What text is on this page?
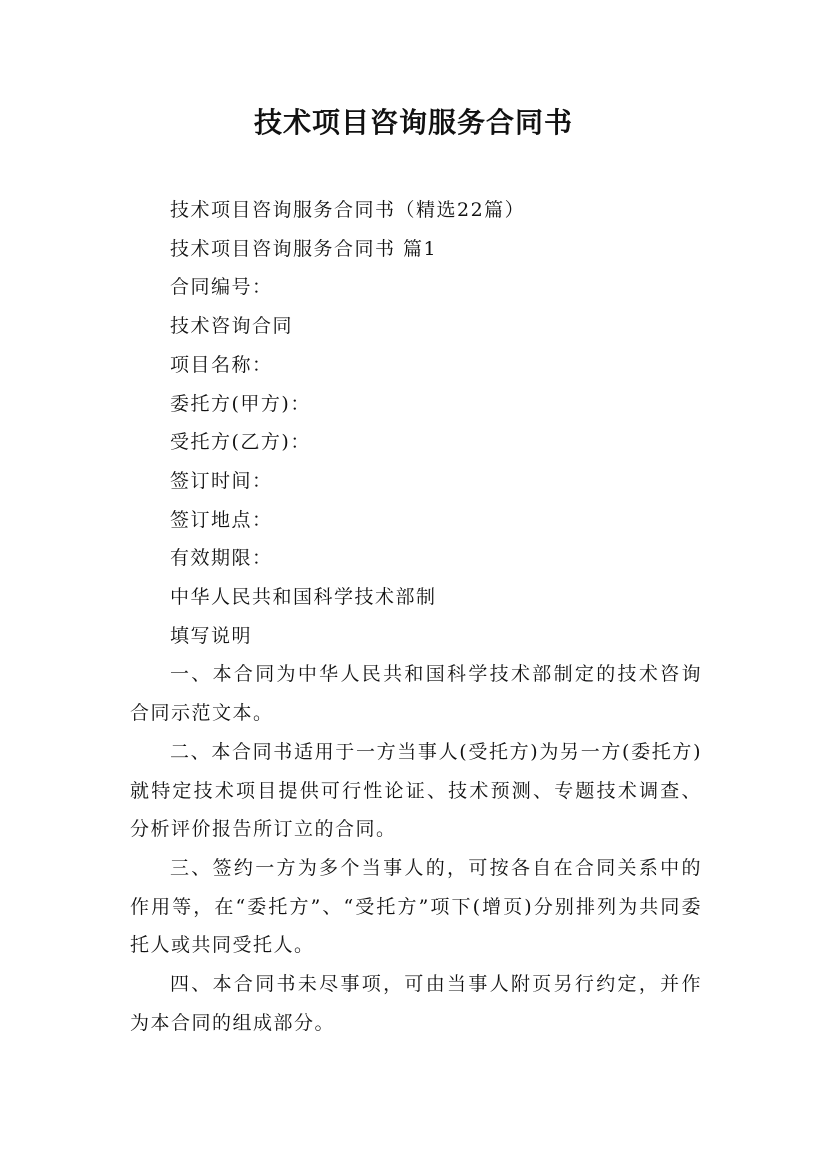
技术项目咨询服务合同书
技术项目咨询服务合同书（精选22篇）
技术项目咨询服务合同书 篇1
合同编号：
技术咨询合同
项目名称：
委托方(甲方)：
受托方(乙方)：
签订时间：
签订地点：
有效期限：
中华人民共和国科学技术部制
填写说明
一、本合同为中华人民共和国科学技术部制定的技术咨询合同示范文本。
二、本合同书适用于一方当事人(受托方)为另一方(委托方)就特定技术项目提供可行性论证、技术预测、专题技术调查、分析评价报告所订立的合同。
三、签约一方为多个当事人的，可按各自在合同关系中的作用等，在“委托方”、“受托方”项下(增页)分别排列为共同委托人或共同受托人。
四、本合同书未尽事项，可由当事人附页另行约定，并作为本合同的组成部分。
